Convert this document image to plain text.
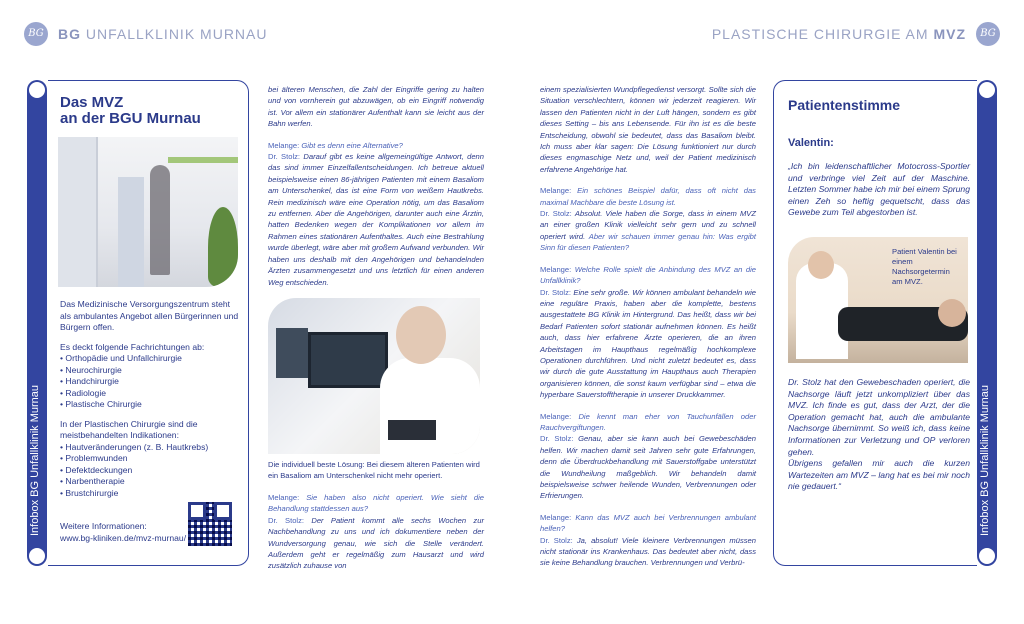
BG	BG UNFALLKLINIK MURNAU	PLASTISCHE CHIRURGIE AM MVZ	BG
Infobox BG Unfallklinik Murnau
Das MVZ
an der BGU Murnau

Das Medizinische Versorgungszentrum steht als ambulantes Angebot allen Bürgerinnen und Bürgern offen.

Es deckt folgende Fachrichtungen ab:
• Orthopädie und Unfallchirurgie
• Neurochirurgie
• Handchirurgie
• Radiologie
• Plastische Chirurgie

In der Plastischen Chirurgie sind die meistbehandelten Indikationen:

• Hautveränderungen (z. B. Hautkrebs)
• Problemwunden
• Defektdeckungen
• Narbentherapie
• Brustchirurgie
Weitere Informationen:
www.bg-kliniken.de/mvz-murnau/

bei älteren Menschen, die Zahl der Eingriffe gering zu halten und von vornherein gut abzuwägen, ob ein Eingriff notwendig ist. Vor allem ein stationärer Aufenthalt kann sie leicht aus der Bahn werfen.

Melange: Gibt es denn eine Alternative?

Dr. Stolz: Darauf gibt es keine allgemeingültige Antwort, denn das sind immer Einzelfallentscheidungen. Ich betreue aktuell beispielsweise einen 86-jährigen Patienten mit einem Basaliom am Unterschenkel, das ist eine Form von weißem Hautkrebs. Rein medizinisch wäre eine Operation nötig, um das Basaliom zu entfernen. Aber die Angehörigen, darunter auch eine Ärztin, hatten Bedenken wegen der Komplikationen vor allem im Rahmen eines stationären Aufenthaltes. Auch eine Bestrahlung wurde überlegt, wäre aber mit großem Aufwand verbunden. Wir haben uns deshalb mit den Angehörigen und behandelnden Ärzten zusammengesetzt und uns letztlich für einen anderen Weg entschieden.

Die individuell beste Lösung: Bei diesem älteren Patienten wird ein Basaliom am Unterschenkel nicht mehr operiert.
Melange: Sie haben also nicht operiert. Wie sieht die Behandlung stattdessen aus?
Dr. Stolz: Der Patient kommt alle sechs Wochen zur Nachbehandlung zu uns und ich dokumentiere neben der Wundversorgung genau, wie sich die Stelle verändert. Außerdem geht er regelmäßig zum Hausarzt und wird zusätzlich zuhause von

einem spezialisierten Wundpflegedienst versorgt. Sollte sich die Situation verschlechtern, können wir jederzeit reagieren. Wir lassen den Patienten nicht in der Luft hängen, sondern es gibt dieses Setting – bis ans Lebensende. Für ihn ist es die beste Entscheidung, obwohl sie bedeutet, dass das Basaliom bleibt. Ich muss aber klar sagen: Die Lösung funktioniert nur durch dieses engmaschige Netz und, weil der Patient medizinisch erfahrene Angehörige hat.

Melange: Ein schönes Beispiel dafür, dass oft nicht das maximal Machbare die beste Lösung ist.

Dr. Stolz: Absolut. Viele haben die Sorge, dass in einem MVZ an einer großen Klinik vielleicht sehr gern und zu schnell operiert wird. Aber wir schauen immer genau hin: Was ergibt Sinn für diesen Patienten?

Melange: Welche Rolle spielt die Anbindung des MVZ an die Unfallklinik?

Dr. Stolz: Eine sehr große. Wir können ambulant behandeln wie eine reguläre Praxis, haben aber die komplette, bestens ausgestattete BG Klinik im Hintergrund. Das heißt, dass wir bei Bedarf Patienten sofort stationär aufnehmen können. Es heißt auch, dass hier erfahrene Ärzte operieren, die an ihren Arbeitstagen im Haupthaus regelmäßig hochkomplexe Operationen durchführen. Und nicht zuletzt bedeutet es, dass wir durch die gute Ausstattung im Haupthaus auch Therapien organisieren können, die sonst kaum verfügbar sind – etwa die hyperbare Sauerstofftherapie in unserer Druckkammer.

Melange: Die kennt man eher von Tauchunfällen oder Rauchvergiftungen.

Dr. Stolz: Genau, aber sie kann auch bei Gewebeschäden helfen. Wir machen damit seit Jahren sehr gute Erfahrungen, denn die Überdruckbehandlung mit Sauerstoffgabe unterstützt die Wundheilung maßgeblich. Wir behandeln damit beispielsweise schwer heilende Wunden, Verbrennungen oder Erfrierungen.

Melange: Kann das MVZ auch bei Verbrennungen ambulant helfen?
Dr. Stolz: Ja, absolut! Viele kleinere Verbrennungen müssen nicht stationär ins Krankenhaus. Das bedeutet aber nicht, dass sie keine Behandlung brauchen. Verbrennungen und Verbrü-
Patientenstimme
Valentin:
„Ich bin leidenschaftlicher Motocross-Sportler und verbringe viel Zeit auf der Maschine. Letzten Sommer habe ich mir bei einem Sprung einen Zeh so heftig gequetscht, dass das Gewebe zum Teil abgestorben ist.
Patient Valentin bei einem Nachsorgetermin am MVZ.
Dr. Stolz hat den Gewebeschaden operiert, die Nachsorge läuft jetzt unkompliziert über das MVZ. Ich finde es gut, dass der Arzt, der die Operation gemacht hat, auch die ambulante Nachsorge übernimmt. So weiß ich, dass keine Informationen zur Verletzung und OP verloren gehen.
Übrigens gefallen mir auch die kurzen Wartezeiten am MVZ – lang hat es bei mir noch nie gedauert.“	Infobox BG Unfallklinik Murnau
